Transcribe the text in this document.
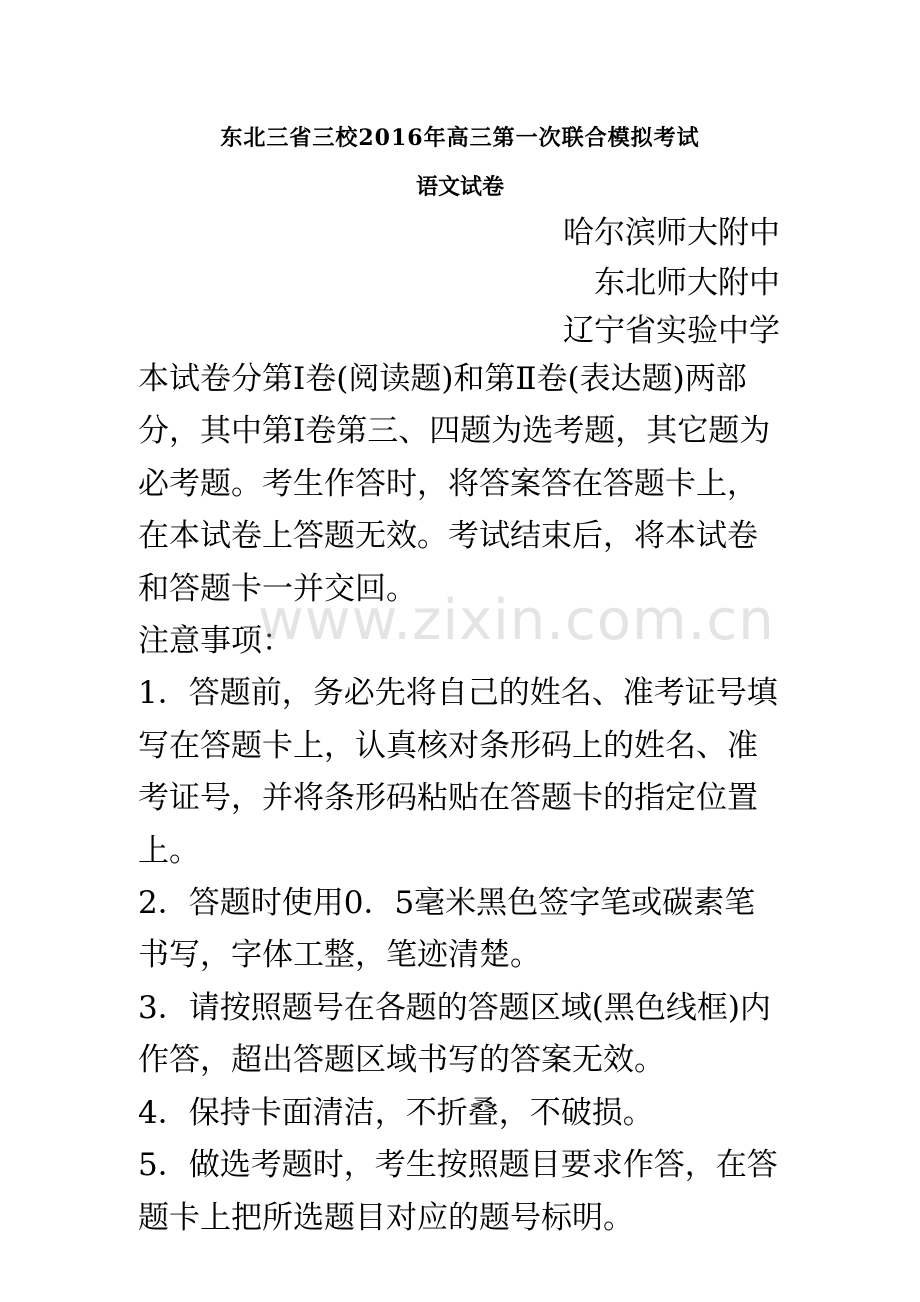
东北三省三校2016年高三第一次联合模拟考试
语文试卷
哈尔滨师大附中
东北师大附中
辽宁省实验中学

本试卷分第Ⅰ卷(阅读题)和第Ⅱ卷(表达题)两部分，其中第Ⅰ卷第三、四题为选考题，其它题为必考题。考生作答时，将答案答在答题卡上，在本试卷上答题无效。考试结束后，将本试卷和答题卡一并交回。

注意事项：

1．答题前，务必先将自己的姓名、准考证号填写在答题卡上，认真核对条形码上的姓名、准考证号，并将条形码粘贴在答题卡的指定位置上。

2．答题时使用0．5毫米黑色签字笔或碳素笔书写，字体工整，笔迹清楚。

3．请按照题号在各题的答题区域(黑色线框)内作答，超出答题区域书写的答案无效。

4．保持卡面清洁，不折叠，不破损。

5．做选考题时，考生按照题目要求作答，在答题卡上把所选题目对应的题号标明。

www.zixin.com.cn
